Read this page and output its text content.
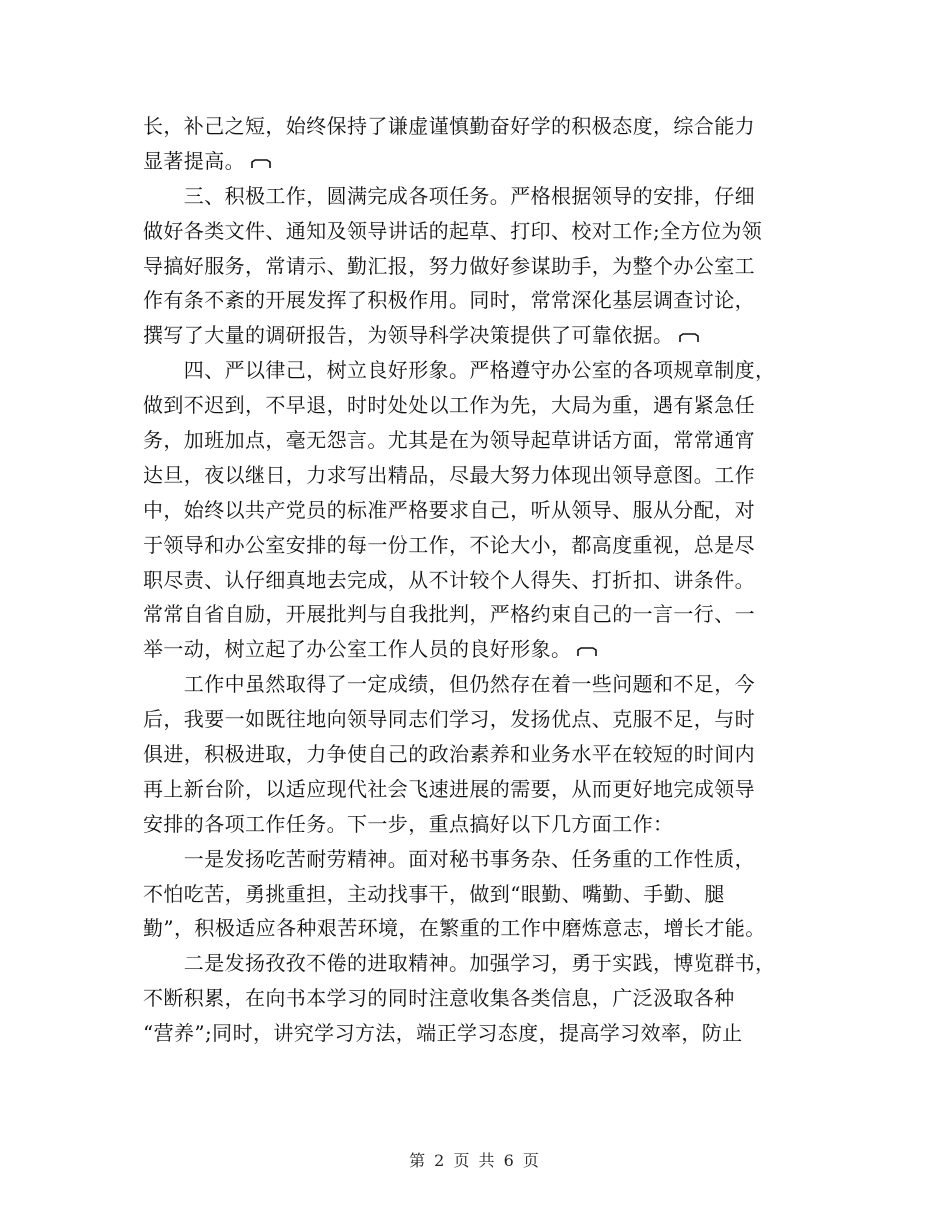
长，补己之短，始终保持了谦虚谨慎勤奋好学的积极态度，综合能力
显著提高。
　　三、积极工作，圆满完成各项任务。严格根据领导的安排，仔细
做好各类文件、通知及领导讲话的起草、打印、校对工作;全方位为领
导搞好服务，常请示、勤汇报，努力做好参谋助手，为整个办公室工
作有条不紊的开展发挥了积极作用。同时，常常深化基层调查讨论，
撰写了大量的调研报告，为领导科学决策提供了可靠依据。
　　四、严以律己，树立良好形象。严格遵守办公室的各项规章制度，
做到不迟到，不早退，时时处处以工作为先，大局为重，遇有紧急任
务，加班加点，毫无怨言。尤其是在为领导起草讲话方面，常常通宵
达旦，夜以继日，力求写出精品，尽最大努力体现出领导意图。工作
中，始终以共产党员的标准严格要求自己，听从领导、服从分配，对
于领导和办公室安排的每一份工作，不论大小，都高度重视，总是尽
职尽责、认仔细真地去完成，从不计较个人得失、打折扣、讲条件。
常常自省自励，开展批判与自我批判，严格约束自己的一言一行、一
举一动，树立起了办公室工作人员的良好形象。
　　工作中虽然取得了一定成绩，但仍然存在着一些问题和不足，今
后，我要一如既往地向领导同志们学习，发扬优点、克服不足，与时
俱进，积极进取，力争使自己的政治素养和业务水平在较短的时间内
再上新台阶，以适应现代社会飞速进展的需要，从而更好地完成领导
安排的各项工作任务。下一步，重点搞好以下几方面工作：
　　一是发扬吃苦耐劳精神。面对秘书事务杂、任务重的工作性质，
不怕吃苦，勇挑重担，主动找事干，做到“眼勤、嘴勤、手勤、腿
勤”，积极适应各种艰苦环境，在繁重的工作中磨炼意志，增长才能。
　　二是发扬孜孜不倦的进取精神。加强学习，勇于实践，博览群书，
不断积累，在向书本学习的同时注意收集各类信息，广泛汲取各种
“营养”;同时，讲究学习方法，端正学习态度，提高学习效率，防止
第 2 页 共 6 页
